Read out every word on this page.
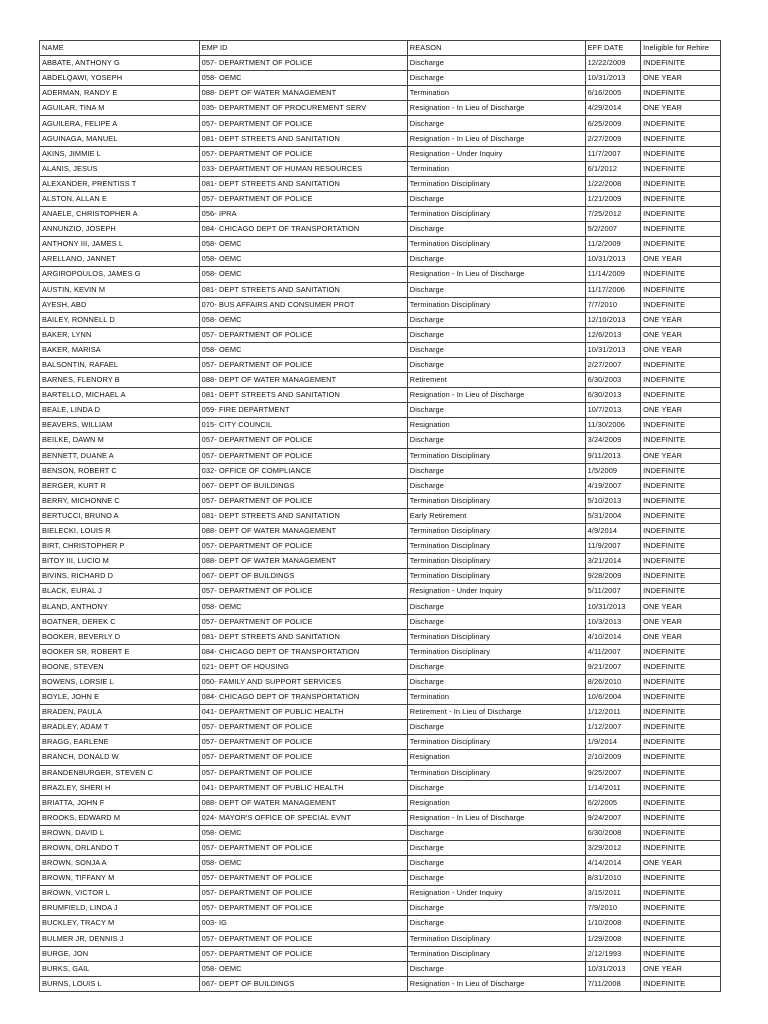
NAME	EMP ID	REASON	EFF DATE	Ineligible for Rehire
ABBATE, ANTHONY G	057- DEPARTMENT OF POLICE	Discharge	12/22/2009	INDEFINITE
ABDELQAWI, YOSEPH	058- OEMC	Discharge	10/31/2013	ONE YEAR
ADERMAN, RANDY E	088- DEPT OF WATER MANAGEMENT	Termination	6/16/2005	INDEFINITE
AGUILAR, TINA M	035- DEPARTMENT OF PROCUREMENT SERV	Resignation - In Lieu of Discharge	4/29/2014	ONE YEAR
AGUILERA, FELIPE A	057- DEPARTMENT OF POLICE	Discharge	6/25/2009	INDEFINITE
AGUINAGA, MANUEL	081- DEPT STREETS AND SANITATION	Resignation - In Lieu of Discharge	2/27/2009	INDEFINITE
AKINS, JIMMIE L	057- DEPARTMENT OF POLICE	Resignation - Under Inquiry	11/7/2007	INDEFINITE
ALANIS, JESUS	033- DEPARTMENT OF HUMAN RESOURCES	Termination	6/1/2012	INDEFINITE
ALEXANDER, PRENTISS T	081- DEPT STREETS AND SANITATION	Termination Disciplinary	1/22/2008	INDEFINITE
ALSTON, ALLAN E	057- DEPARTMENT OF POLICE	Discharge	1/21/2009	INDEFINITE
ANAELE, CHRISTOPHER A	056- IPRA	Termination Disciplinary	7/25/2012	INDEFINITE
ANNUNZIO, JOSEPH	084- CHICAGO DEPT OF TRANSPORTATION	Discharge	5/2/2007	INDEFINITE
ANTHONY III, JAMES L	058- OEMC	Termination Disciplinary	11/2/2009	INDEFINITE
ARELLANO, JANNET	058- OEMC	Discharge	10/31/2013	ONE YEAR
ARGIROPOULOS, JAMES G	058- OEMC	Resignation - In Lieu of Discharge	11/14/2009	INDEFINITE
AUSTIN, KEVIN M	081- DEPT STREETS AND SANITATION	Discharge	11/17/2006	INDEFINITE
AYESH, ABD	070- BUS AFFAIRS AND CONSUMER PROT	Termination Disciplinary	7/7/2010	INDEFINITE
BAILEY, RONNELL D	058- OEMC	Discharge	12/10/2013	ONE YEAR
BAKER, LYNN	057- DEPARTMENT OF POLICE	Discharge	12/6/2013	ONE YEAR
BAKER, MARISA	058- OEMC	Discharge	10/31/2013	ONE YEAR
BALSONTIN, RAFAEL	057- DEPARTMENT OF POLICE	Discharge	2/27/2007	INDEFINITE
BARNES, FLENORY B	088- DEPT OF WATER MANAGEMENT	Retirement	6/30/2003	INDEFINITE
BARTELLO, MICHAEL A	081- DEPT STREETS AND SANITATION	Resignation - In Lieu of Discharge	6/30/2013	INDEFINITE
BEALE, LINDA D	059- FIRE DEPARTMENT	Discharge	10/7/2013	ONE YEAR
BEAVERS, WILLIAM	015- CITY COUNCIL	Resignation	11/30/2006	INDEFINITE
BEILKE, DAWN M	057- DEPARTMENT OF POLICE	Discharge	3/24/2009	INDEFINITE
BENNETT, DUANE A	057- DEPARTMENT OF POLICE	Termination Disciplinary	9/11/2013	ONE YEAR
BENSON, ROBERT C	032- OFFICE OF COMPLIANCE	Discharge	1/5/2009	INDEFINITE
BERGER, KURT R	067- DEPT OF BUILDINGS	Discharge	4/19/2007	INDEFINITE
BERRY, MICHONNE C	057- DEPARTMENT OF POLICE	Termination Disciplinary	5/10/2013	INDEFINITE
BERTUCCI, BRUNO A	081- DEPT STREETS AND SANITATION	Early Retirement	5/31/2004	INDEFINITE
BIELECKI, LOUIS R	088- DEPT OF WATER MANAGEMENT	Termination Disciplinary	4/9/2014	INDEFINITE
BIRT, CHRISTOPHER P	057- DEPARTMENT OF POLICE	Termination Disciplinary	11/9/2007	INDEFINITE
BITOY III, LUCIO M	088- DEPT OF WATER MANAGEMENT	Termination Disciplinary	3/21/2014	INDEFINITE
BIVINS, RICHARD D	067- DEPT OF BUILDINGS	Termination Disciplinary	9/28/2009	INDEFINITE
BLACK, EURAL J	057- DEPARTMENT OF POLICE	Resignation - Under Inquiry	5/11/2007	INDEFINITE
BLAND, ANTHONY	058- OEMC	Discharge	10/31/2013	ONE YEAR
BOATNER, DEREK C	057- DEPARTMENT OF POLICE	Discharge	10/3/2013	ONE YEAR
BOOKER, BEVERLY D	081- DEPT STREETS AND SANITATION	Termination Disciplinary	4/10/2014	ONE YEAR
BOOKER SR, ROBERT E	084- CHICAGO DEPT OF TRANSPORTATION	Termination Disciplinary	4/11/2007	INDEFINITE
BOONE, STEVEN	021- DEPT OF HOUSING	Discharge	9/21/2007	INDEFINITE
BOWENS, LORSIE L	050- FAMILY AND SUPPORT SERVICES	Discharge	8/26/2010	INDEFINITE
BOYLE, JOHN E	084- CHICAGO DEPT OF TRANSPORTATION	Termination	10/6/2004	INDEFINITE
BRADEN, PAULA	041- DEPARTMENT OF PUBLIC HEALTH	Retirement - In Lieu of Discharge	1/12/2011	INDEFINITE
BRADLEY, ADAM T	057- DEPARTMENT OF POLICE	Discharge	1/12/2007	INDEFINITE
BRAGG, EARLENE	057- DEPARTMENT OF POLICE	Termination Disciplinary	1/9/2014	INDEFINITE
BRANCH, DONALD W	057- DEPARTMENT OF POLICE	Resignation	2/10/2009	INDEFINITE
BRANDENBURGER, STEVEN C	057- DEPARTMENT OF POLICE	Termination Disciplinary	9/25/2007	INDEFINITE
BRAZLEY, SHERI H	041- DEPARTMENT OF PUBLIC HEALTH	Discharge	1/14/2011	INDEFINITE
BRIATTA, JOHN F	088- DEPT OF WATER MANAGEMENT	Resignation	6/2/2005	INDEFINITE
BROOKS, EDWARD M	024- MAYOR'S OFFICE OF SPECIAL EVNT	Resignation - In Lieu of Discharge	9/24/2007	INDEFINITE
BROWN, DAVID L	058- OEMC	Discharge	6/30/2008	INDEFINITE
BROWN, ORLANDO T	057- DEPARTMENT OF POLICE	Discharge	3/29/2012	INDEFINITE
BROWN, SONJA A	058- OEMC	Discharge	4/14/2014	ONE YEAR
BROWN, TIFFANY M	057- DEPARTMENT OF POLICE	Discharge	8/31/2010	INDEFINITE
BROWN, VICTOR L	057- DEPARTMENT OF POLICE	Resignation - Under Inquiry	3/15/2011	INDEFINITE
BRUMFIELD, LINDA J	057- DEPARTMENT OF POLICE	Discharge	7/9/2010	INDEFINITE
BUCKLEY, TRACY M	003- IG	Discharge	1/10/2008	INDEFINITE
BULMER JR, DENNIS J	057- DEPARTMENT OF POLICE	Termination Disciplinary	1/29/2008	INDEFINITE
BURGE, JON	057- DEPARTMENT OF POLICE	Termination Disciplinary	2/12/1993	INDEFINITE
BURKS, GAIL	058- OEMC	Discharge	10/31/2013	ONE YEAR
BURNS, LOUIS L	067- DEPT OF BUILDINGS	Resignation - In Lieu of Discharge	7/11/2008	INDEFINITE
